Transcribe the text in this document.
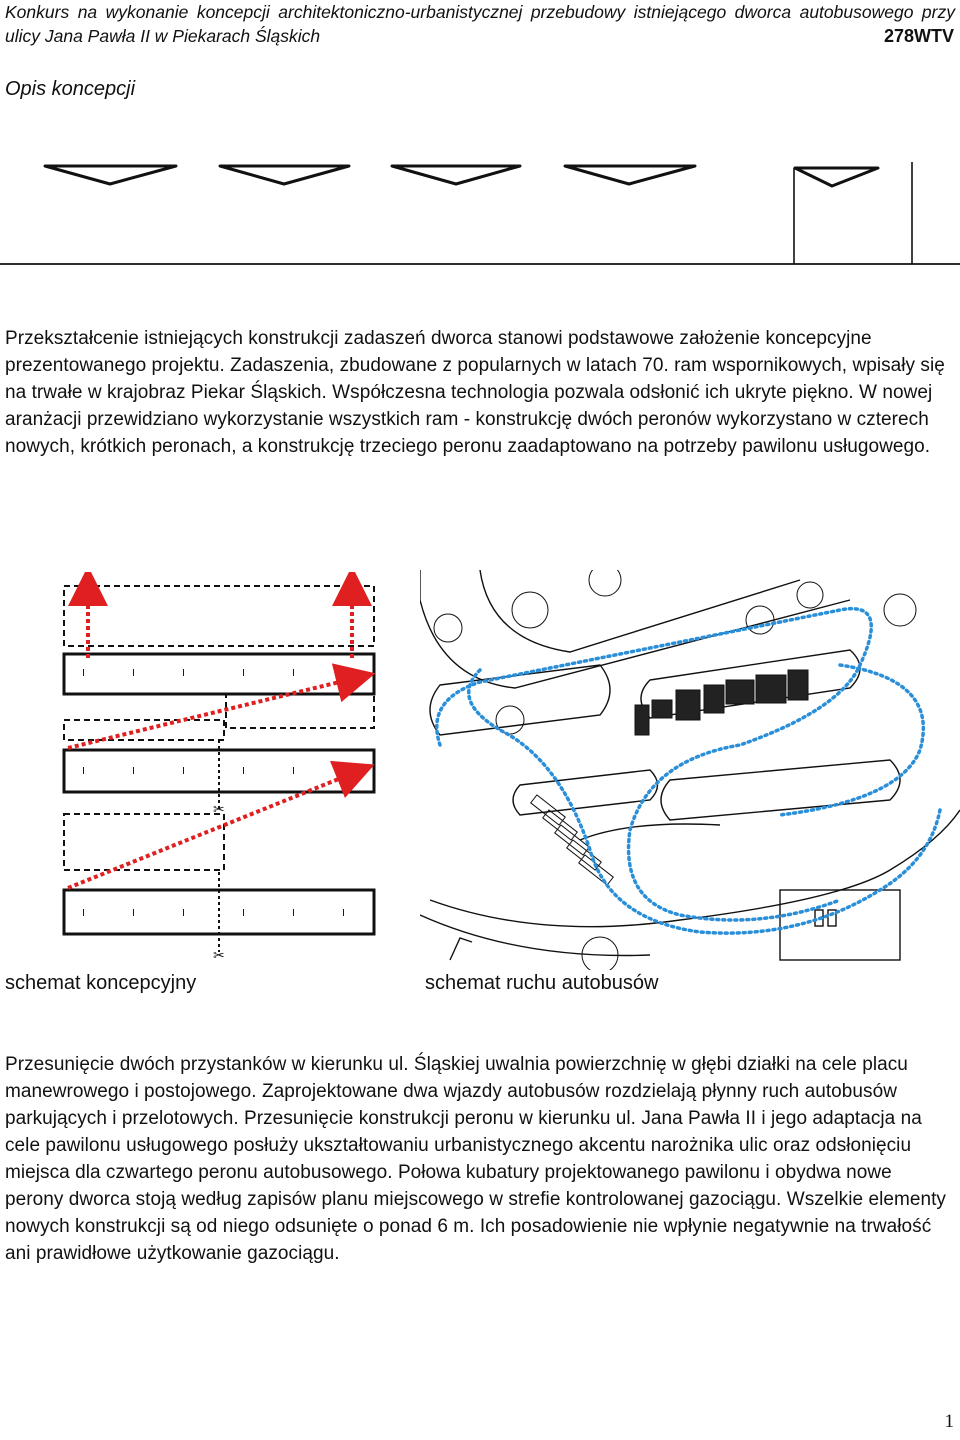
Konkurs na wykonanie koncepcji architektoniczno-urbanistycznej przebudowy istniejącego dworca autobusowego przy ulicy Jana Pawła II w Piekarach Śląskich	278WTV
Opis koncepcji
Przekształcenie istniejących konstrukcji zadaszeń dworca stanowi podstawowe założenie koncepcyjne prezentowanego projektu. Zadaszenia, zbudowane z popularnych w latach 70. ram wspornikowych, wpisały się na trwałe w krajobraz Piekar Śląskich. Współczesna technologia pozwala odsłonić ich ukryte piękno. W nowej aranżacji przewidziano wykorzystanie wszystkich ram - konstrukcję dwóch peronów wykorzystano w czterech nowych, krótkich peronach, a konstrukcję trzeciego peronu zaadaptowano na potrzeby pawilonu usługowego.
✂
✂
I	I	I	I	I	I
I	I	I	I	I	I
I	I	I	I	I	I
schemat koncepcyjny	schemat ruchu autobusów
Przesunięcie dwóch przystanków w kierunku ul. Śląskiej uwalnia powierzchnię w głębi działki na cele placu manewrowego i postojowego. Zaprojektowane dwa wjazdy autobusów rozdzielają płynny ruch autobusów parkujących i przelotowych. Przesunięcie konstrukcji peronu w kierunku ul. Jana Pawła II i jego adaptacja na cele pawilonu usługowego posłuży ukształtowaniu urbanistycznego akcentu narożnika ulic oraz odsłonięciu miejsca dla czwartego peronu autobusowego. Połowa kubatury projektowanego pawilonu i obydwa nowe perony dworca stoją według zapisów planu miejscowego w strefie kontrolowanej gazociągu. Wszelkie elementy nowych konstrukcji są od niego odsunięte o ponad 6 m. Ich posadowienie nie wpłynie negatywnie na trwałość ani prawidłowe użytkowanie gazociągu.
1
